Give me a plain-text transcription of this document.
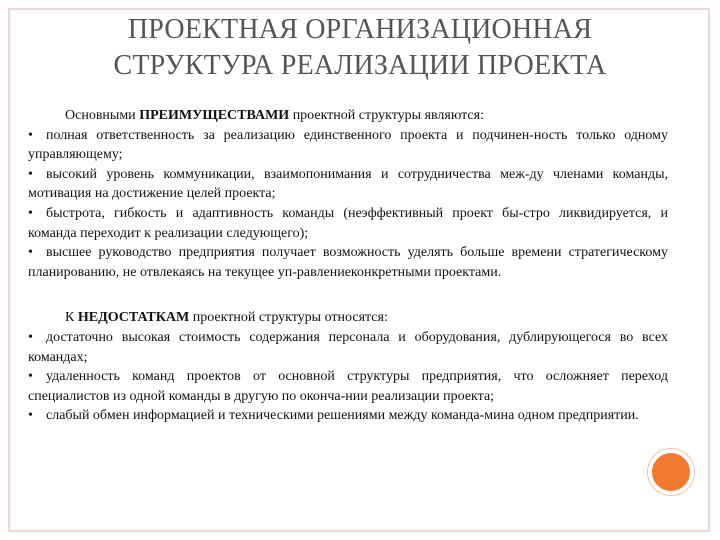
ПРОЕКТНАЯ ОРГАНИЗАЦИОННАЯ
СТРУКТУРА РЕАЛИЗАЦИИ ПРОЕКТА

Основными ПРЕИМУЩЕСТВАМИ проектной структуры являются:

• полная ответственность за реализацию единственного проекта и подчинен-ность только одному управляющему;

• высокий уровень коммуникации, взаимопонимания и сотрудничества меж-ду членами команды, мотивация на достижение целей проекта;

• быстрота, гибкость и адаптивность команды (неэффективный проект бы-стро ликвидируется, и команда переходит к реализации следующего);

• высшее руководство предприятия получает возможность уделять больше времени стратегическому планированию, не отвлекаясь на текущее уп-равлениеконкретными проектами.

К НЕДОСТАТКАМ проектной структуры относятся:

• достаточно высокая стоимость содержания персонала и оборудования, дублирующегося во всех командах;

• удаленность команд проектов от основной структуры предприятия, что осложняет переход специалистов из одной команды в другую по оконча-нии реализации проекта;

• слабый обмен информацией и техническими решениями между команда-мина одном предприятии.
